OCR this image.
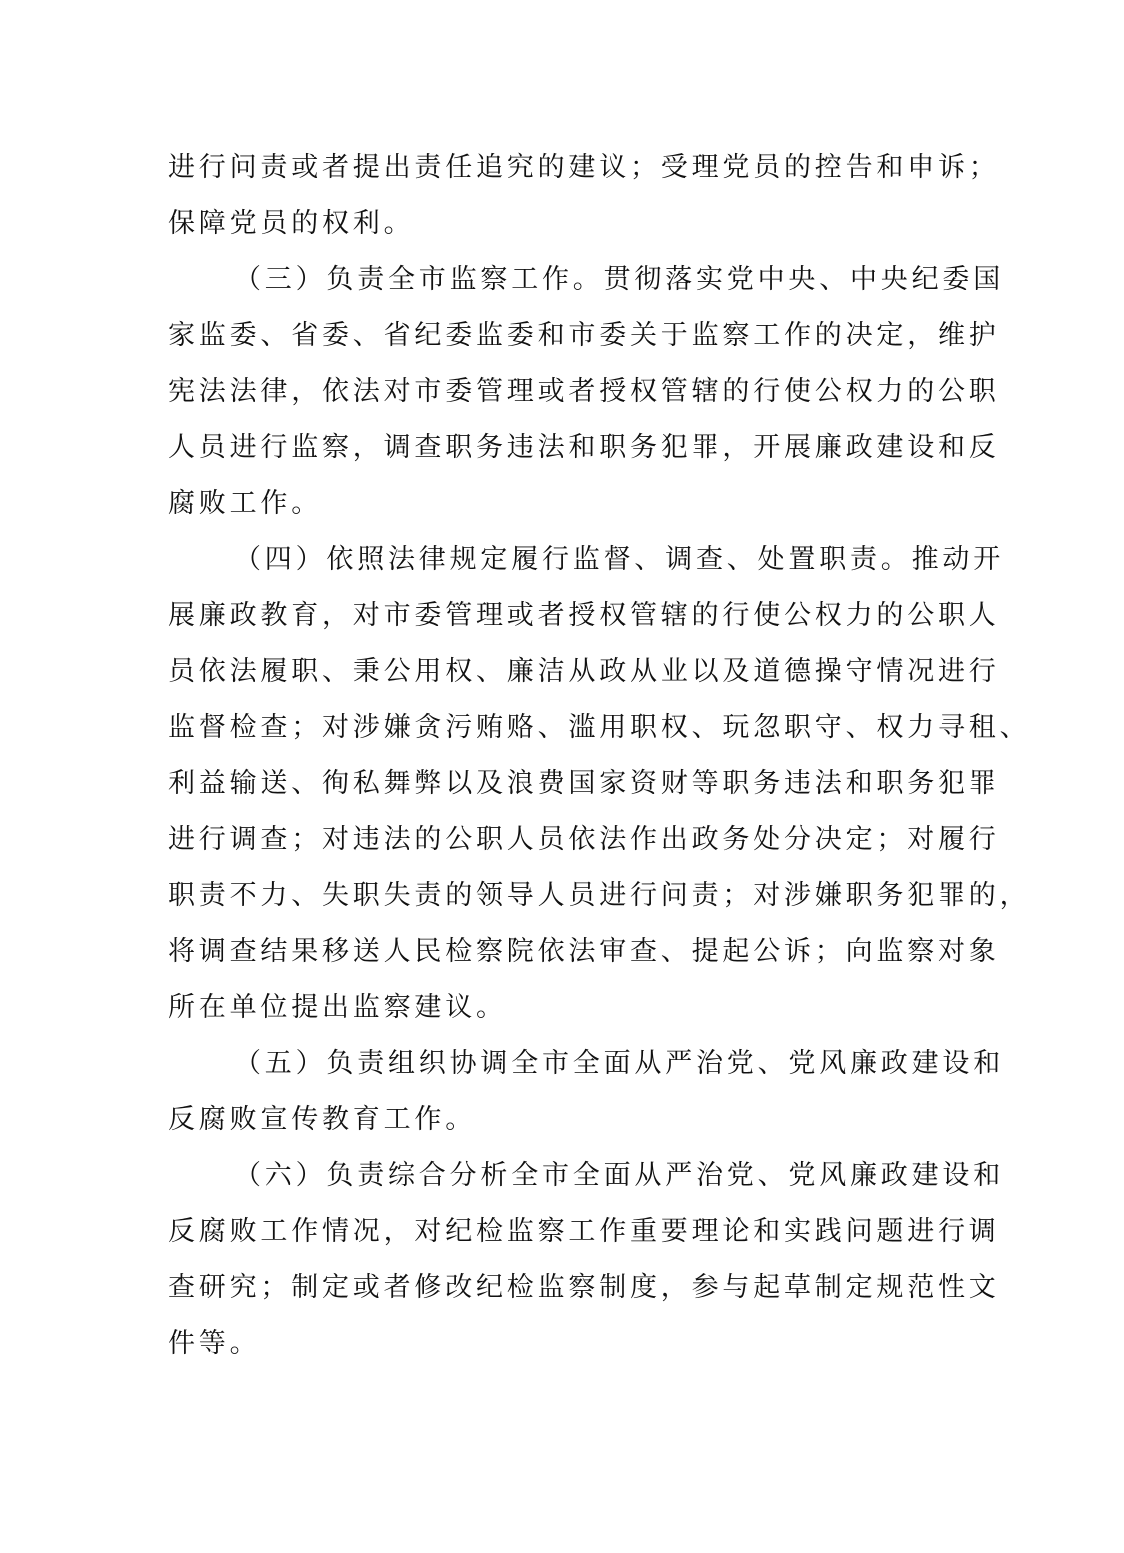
进行问责或者提出责任追究的建议；受理党员的控告和申诉；
保障党员的权利。
（三）负责全市监察工作。贯彻落实党中央、中央纪委国
家监委、省委、省纪委监委和市委关于监察工作的决定，维护
宪法法律，依法对市委管理或者授权管辖的行使公权力的公职
人员进行监察，调查职务违法和职务犯罪，开展廉政建设和反
腐败工作。
（四）依照法律规定履行监督、调查、处置职责。推动开
展廉政教育，对市委管理或者授权管辖的行使公权力的公职人
员依法履职、秉公用权、廉洁从政从业以及道德操守情况进行
监督检查；对涉嫌贪污贿赂、滥用职权、玩忽职守、权力寻租、
利益输送、徇私舞弊以及浪费国家资财等职务违法和职务犯罪
进行调查；对违法的公职人员依法作出政务处分决定；对履行
职责不力、失职失责的领导人员进行问责；对涉嫌职务犯罪的，
将调查结果移送人民检察院依法审查、提起公诉；向监察对象
所在单位提出监察建议。
（五）负责组织协调全市全面从严治党、党风廉政建设和
反腐败宣传教育工作。
（六）负责综合分析全市全面从严治党、党风廉政建设和
反腐败工作情况，对纪检监察工作重要理论和实践问题进行调
查研究；制定或者修改纪检监察制度，参与起草制定规范性文
件等。
